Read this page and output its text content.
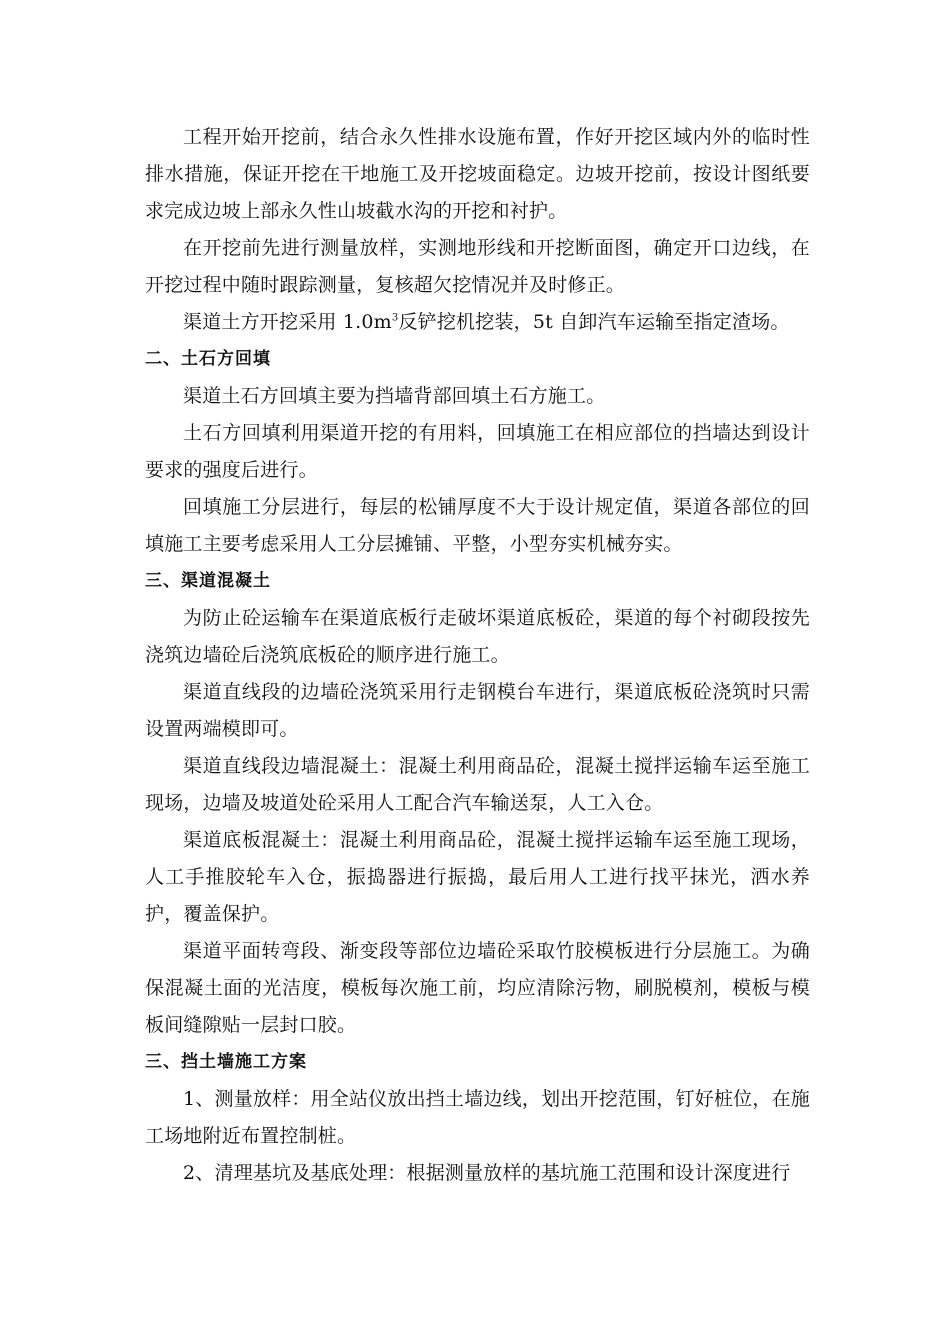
工程开始开挖前，结合永久性排水设施布置，作好开挖区域内外的临时性排水措施，保证开挖在干地施工及开挖坡面稳定。边坡开挖前，按设计图纸要求完成边坡上部永久性山坡截水沟的开挖和衬护。

在开挖前先进行测量放样，实测地形线和开挖断面图，确定开口边线，在开挖过程中随时跟踪测量，复核超欠挖情况并及时修正。

渠道土方开挖采用 $1.0m^3$反铲挖机挖装，5t 自卸汽车运输至指定渣场。

二、土石方回填

渠道土石方回填主要为挡墙背部回填土石方施工。

土石方回填利用渠道开挖的有用料，回填施工在相应部位的挡墙达到设计要求的强度后进行。

回填施工分层进行，每层的松铺厚度不大于设计规定值，渠道各部位的回填施工主要考虑采用人工分层摊铺、平整，小型夯实机械夯实。

三、渠道混凝土

为防止砼运输车在渠道底板行走破坏渠道底板砼，渠道的每个衬砌段按先浇筑边墙砼后浇筑底板砼的顺序进行施工。

渠道直线段的边墙砼浇筑采用行走钢模台车进行，渠道底板砼浇筑时只需设置两端模即可。

渠道直线段边墙混凝土：混凝土利用商品砼，混凝土搅拌运输车运至施工现场，边墙及坡道处砼采用人工配合汽车输送泵，人工入仓。

渠道底板混凝土：混凝土利用商品砼，混凝土搅拌运输车运至施工现场，人工手推胶轮车入仓，振捣器进行振捣，最后用人工进行找平抹光，洒水养护，覆盖保护。

渠道平面转弯段、渐变段等部位边墙砼采取竹胶模板进行分层施工。为确保混凝土面的光洁度，模板每次施工前，均应清除污物，刷脱模剂，模板与模板间缝隙贴一层封口胶。

三、挡土墙施工方案

1、测量放样：用全站仪放出挡土墙边线，划出开挖范围，钉好桩位，在施工场地附近布置控制桩。

2、清理基坑及基底处理：根据测量放样的基坑施工范围和设计深度进行
